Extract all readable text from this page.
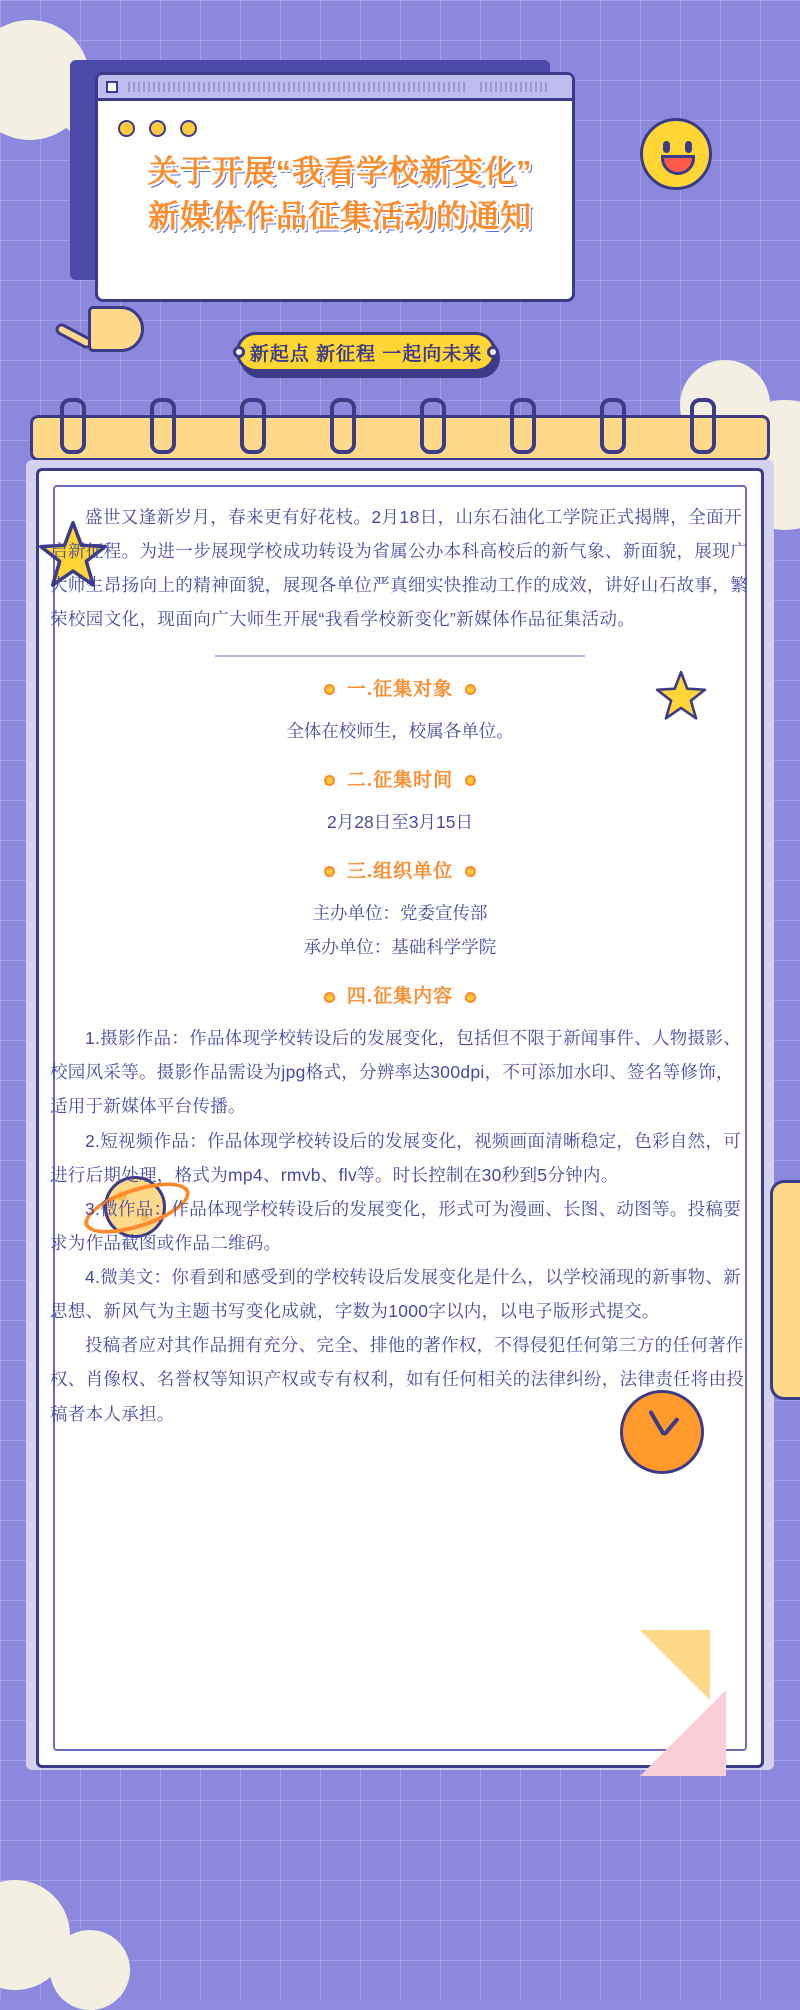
关于开展“我看学校新变化”
新媒体作品征集活动的通知
新起点 新征程 一起向未来

盛世又逢新岁月，春来更有好花枝。2月18日，山东石油化工学院正式揭牌，全面开启新征程。为进一步展现学校成功转设为省属公办本科高校后的新气象、新面貌，展现广大师生昂扬向上的精神面貌，展现各单位严真细实快推动工作的成效，讲好山石故事，繁荣校园文化，现面向广大师生开展“我看学校新变化”新媒体作品征集活动。

一.征集对象
全体在校师生，校属各单位。
二.征集时间
2月28日至3月15日
三.组织单位
主办单位：党委宣传部
承办单位：基础科学学院
四.征集内容

1.摄影作品：作品体现学校转设后的发展变化，包括但不限于新闻事件、人物摄影、校园风采等。摄影作品需设为jpg格式，分辨率达300dpi，不可添加水印、签名等修饰，适用于新媒体平台传播。

2.短视频作品：作品体现学校转设后的发展变化，视频画面清晰稳定，色彩自然，可进行后期处理，格式为mp4、rmvb、flv等。时长控制在30秒到5分钟内。

3.微作品：作品体现学校转设后的发展变化，形式可为漫画、长图、动图等。投稿要求为作品截图或作品二维码。

4.微美文：你看到和感受到的学校转设后发展变化是什么，以学校涌现的新事物、新思想、新风气为主题书写变化成就，字数为1000字以内，以电子版形式提交。

投稿者应对其作品拥有充分、完全、排他的著作权，不得侵犯任何第三方的任何著作权、肖像权、名誉权等知识产权或专有权利，如有任何相关的法律纠纷，法律责任将由投稿者本人承担。
